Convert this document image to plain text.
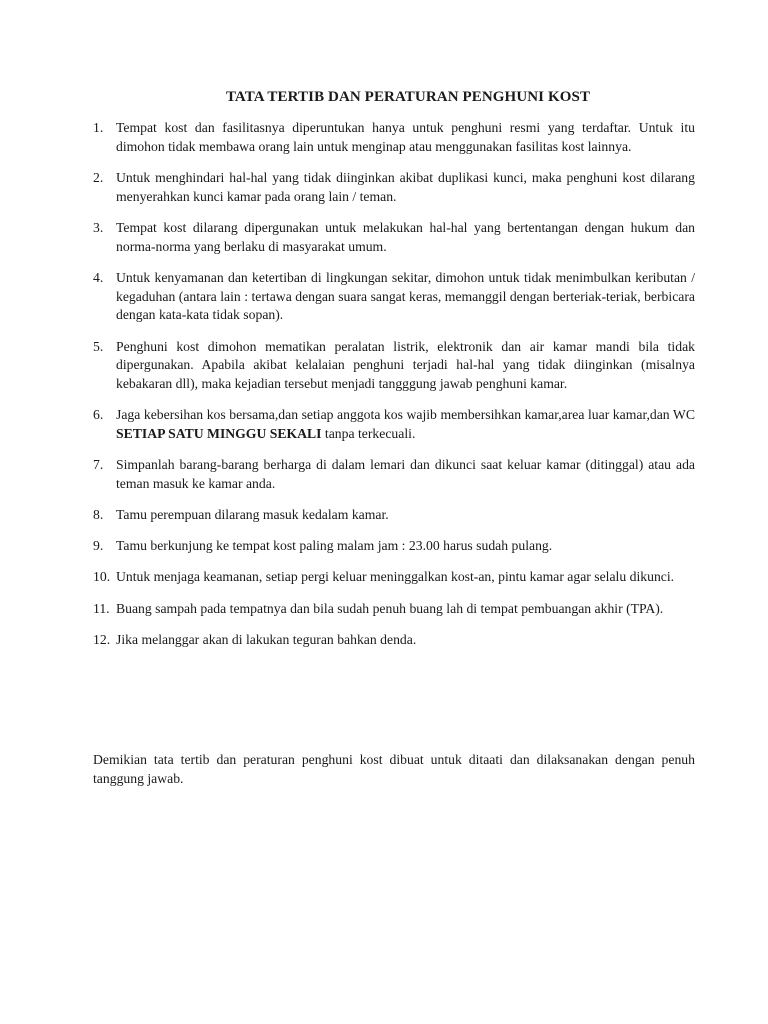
TATA TERTIB DAN PERATURAN PENGHUNI KOST
1. Tempat kost dan fasilitasnya diperuntukan hanya untuk penghuni resmi yang terdaftar. Untuk itu dimohon tidak membawa orang lain untuk menginap atau menggunakan fasilitas kost lainnya.
2. Untuk menghindari hal-hal yang tidak diinginkan akibat duplikasi kunci, maka penghuni kost dilarang menyerahkan kunci kamar pada orang lain / teman.
3. Tempat kost dilarang dipergunakan untuk melakukan hal-hal yang bertentangan dengan hukum dan norma-norma yang berlaku di masyarakat umum.
4. Untuk kenyamanan dan ketertiban di lingkungan sekitar, dimohon untuk tidak menimbulkan keributan / kegaduhan (antara lain : tertawa dengan suara sangat keras, memanggil dengan berteriak-teriak, berbicara dengan kata-kata tidak sopan).
5. Penghuni kost dimohon mematikan peralatan listrik, elektronik dan air kamar mandi bila tidak dipergunakan. Apabila akibat kelalaian penghuni terjadi hal-hal yang tidak diinginkan (misalnya kebakaran dll), maka kejadian tersebut menjadi tangggung jawab penghuni kamar.
6. Jaga kebersihan kos bersama,dan setiap anggota kos wajib membersihkan kamar,area luar kamar,dan WC SETIAP SATU MINGGU SEKALI tanpa terkecuali.
7. Simpanlah barang-barang berharga di dalam lemari dan dikunci saat keluar kamar (ditinggal) atau ada teman masuk ke kamar anda.
8. Tamu perempuan dilarang masuk kedalam kamar.
9. Tamu berkunjung ke tempat kost paling malam jam : 23.00 harus sudah pulang.
10. Untuk menjaga keamanan, setiap pergi keluar meninggalkan kost-an, pintu kamar agar selalu dikunci.
11. Buang sampah pada tempatnya dan bila sudah penuh buang lah di tempat pembuangan akhir (TPA).
12. Jika melanggar akan di lakukan teguran bahkan denda.

Demikian tata tertib dan peraturan penghuni kost dibuat untuk ditaati dan dilaksanakan dengan penuh tanggung jawab.
